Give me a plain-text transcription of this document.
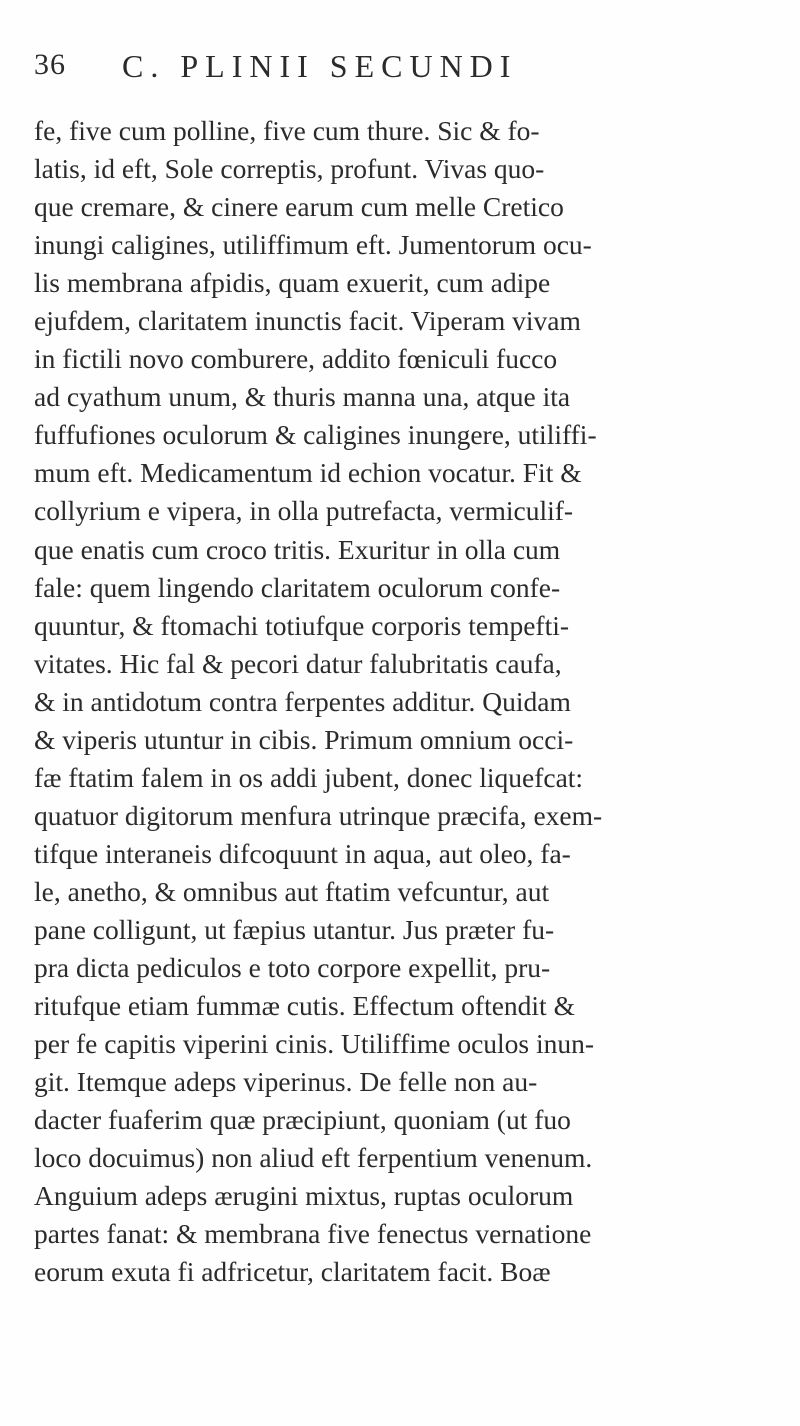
36 C. PLINII SECUNDI
fe, five cum polline, five cum thure. Sic & fo-
latis, id eft, Sole correptis, profunt. Vivas quo-
que cremare, & cinere earum cum melle Cretico
inungi caligines, utiliffimum eft. Jumentorum ocu-
lis membrana afpidis, quam exuerit, cum adipe
ejufdem, claritatem inunctis facit. Viperam vivam
in fictili novo comburere, addito fœniculi fucco
ad cyathum unum, & thuris manna una, atque ita
fuffufiones oculorum & caligines inungere, utiliffi-
mum eft. Medicamentum id echion vocatur. Fit &
collyrium e vipera, in olla putrefacta, vermiculif-
que enatis cum croco tritis. Exuritur in olla cum
fale: quem lingendo claritatem oculorum confe-
quuntur, & ftomachi totiufque corporis tempefti-
vitates. Hic fal & pecori datur falubritatis caufa,
& in antidotum contra ferpentes additur. Quidam
& viperis utuntur in cibis. Primum omnium occi-
fæ ftatim falem in os addi jubent, donec liquefcat:
quatuor digitorum menfura utrinque præcifa, exem-
tifque interaneis difcoquunt in aqua, aut oleo, fa-
le, anetho, & omnibus aut ftatim vefcuntur, aut
pane colligunt, ut fæpius utantur. Jus præter fu-
pra dicta pediculos e toto corpore expellit, pru-
ritufque etiam fummæ cutis. Effectum oftendit &
per fe capitis viperini cinis. Utiliffime oculos inun-
git. Itemque adeps viperinus. De felle non au-
dacter fuaferim quæ præcipiunt, quoniam (ut fuo
loco docuimus) non aliud eft ferpentium venenum.
Anguium adeps ærugini mixtus, ruptas oculorum
partes fanat: & membrana five fenectus vernatione
eorum exuta fi adfricetur, claritatem facit. Boæ
